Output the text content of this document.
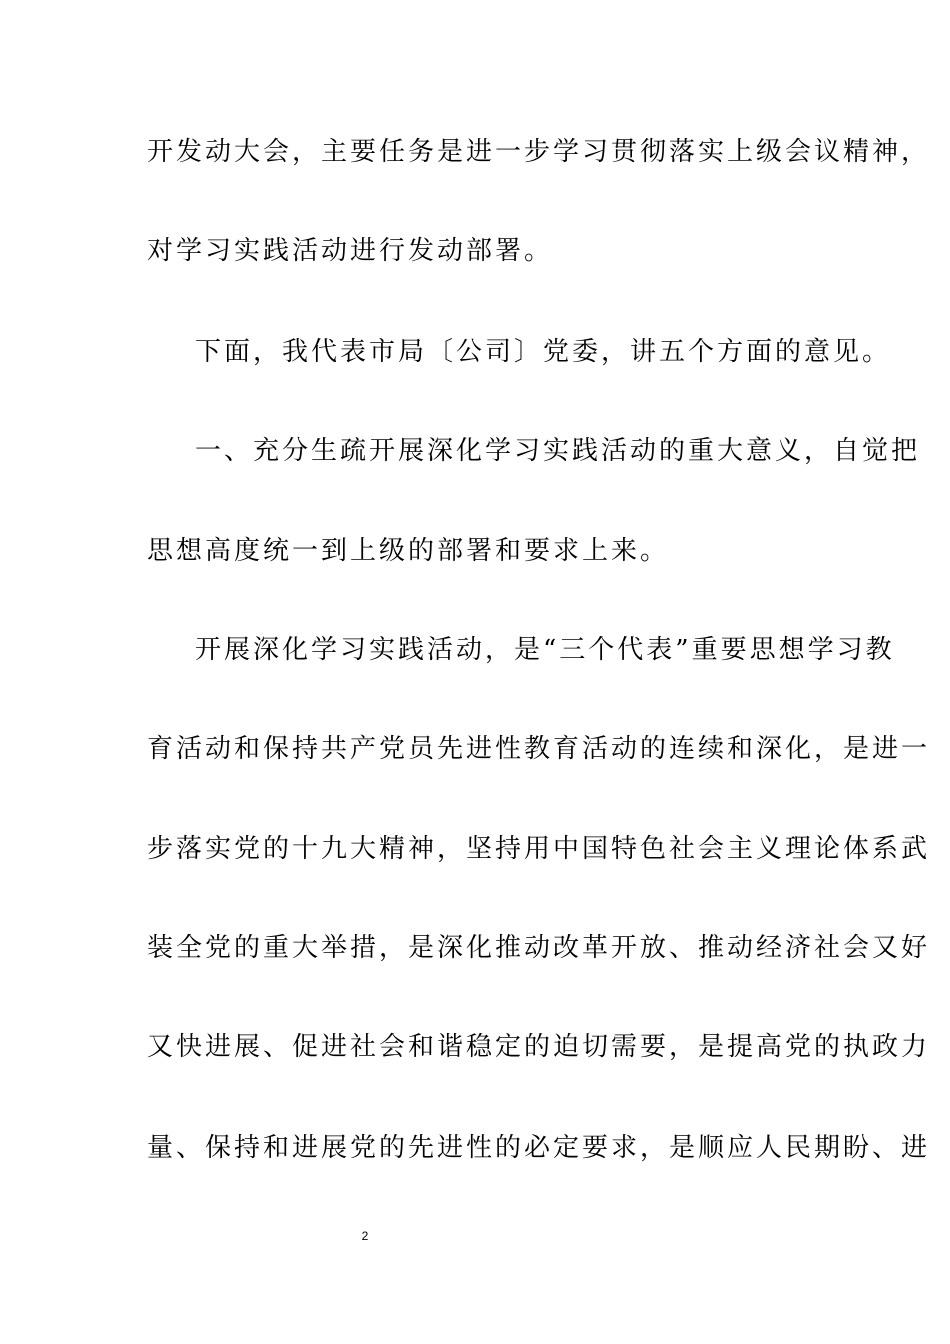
开发动大会，主要任务是进一步学习贯彻落实上级会议精神，
对学习实践活动进行发动部署。
下面，我代表市局〔公司〕党委，讲五个方面的意见。
一、充分生疏开展深化学习实践活动的重大意义，自觉把
思想高度统一到上级的部署和要求上来。
开展深化学习实践活动，是“三个代表”重要思想学习教
育活动和保持共产党员先进性教育活动的连续和深化，是进一
步落实党的十九大精神，坚持用中国特色社会主义理论体系武
装全党的重大举措，是深化推动改革开放、推动经济社会又好
又快进展、促进社会和谐稳定的迫切需要，是提高党的执政力
量、保持和进展党的先进性的必定要求，是顺应人民期盼、进
2
